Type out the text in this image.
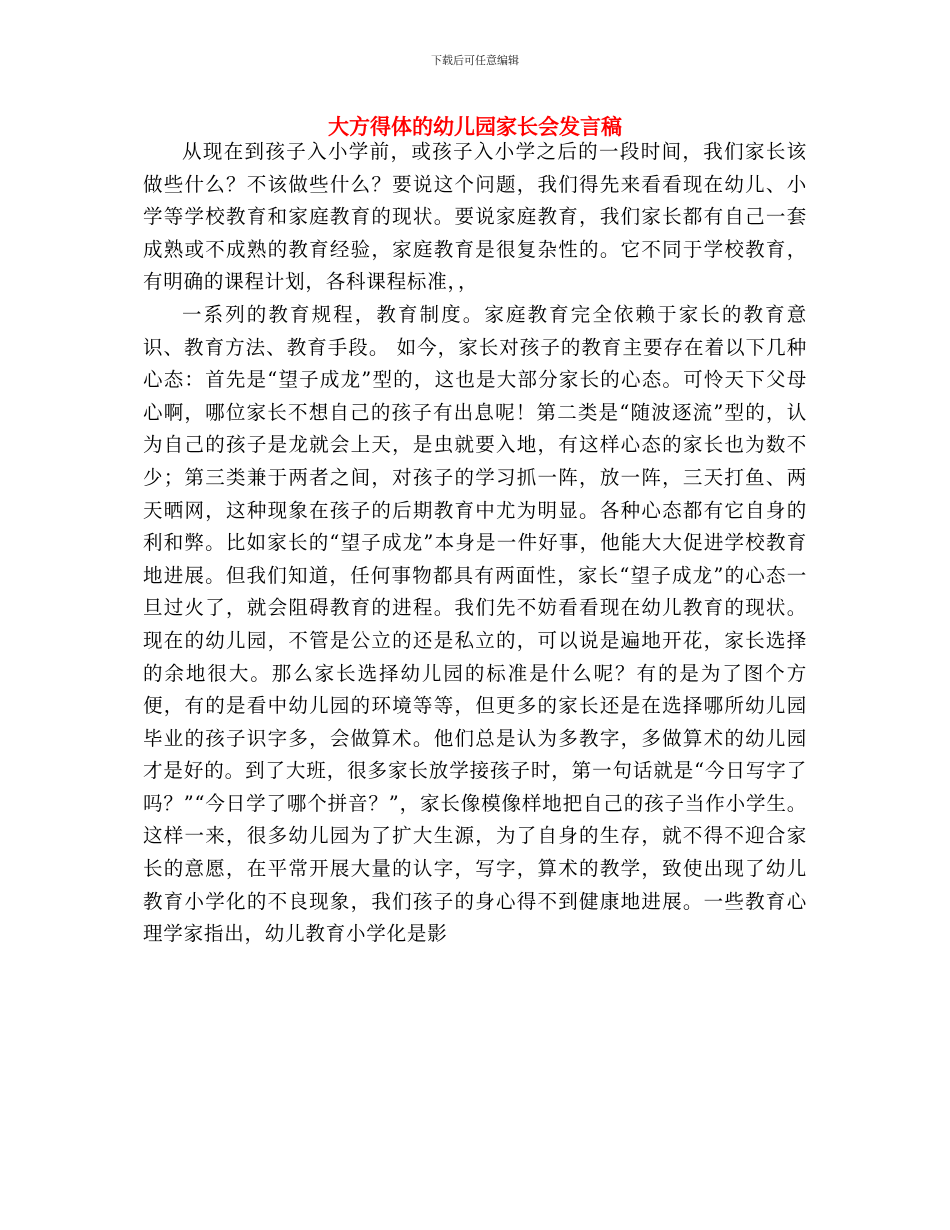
下载后可任意编辑
大方得体的幼儿园家长会发言稿

从现在到孩子入小学前，或孩子入小学之后的一段时间，我们家长该做些什么？不该做些什么？要说这个问题，我们得先来看看现在幼儿、小学等学校教育和家庭教育的现状。要说家庭教育，我们家长都有自己一套成熟或不成熟的教育经验，家庭教育是很复杂性的。它不同于学校教育，有明确的课程计划，各科课程标准，，

一系列的教育规程，教育制度。家庭教育完全依赖于家长的教育意识、教育方法、教育手段。 如今，家长对孩子的教育主要存在着以下几种心态：首先是“望子成龙”型的，这也是大部分家长的心态。可怜天下父母心啊，哪位家长不想自己的孩子有出息呢！第二类是“随波逐流”型的，认为自己的孩子是龙就会上天，是虫就要入地，有这样心态的家长也为数不少；第三类兼于两者之间，对孩子的学习抓一阵，放一阵，三天打鱼、两天晒网，这种现象在孩子的后期教育中尤为明显。各种心态都有它自身的利和弊。比如家长的“望子成龙”本身是一件好事，他能大大促进学校教育地进展。但我们知道，任何事物都具有两面性，家长“望子成龙”的心态一旦过火了，就会阻碍教育的进程。我们先不妨看看现在幼儿教育的现状。现在的幼儿园，不管是公立的还是私立的，可以说是遍地开花，家长选择的余地很大。那么家长选择幼儿园的标准是什么呢？有的是为了图个方便，有的是看中幼儿园的环境等等，但更多的家长还是在选择哪所幼儿园毕业的孩子识字多，会做算术。他们总是认为多教字，多做算术的幼儿园才是好的。到了大班，很多家长放学接孩子时，第一句话就是“今日写字了吗？”“今日学了哪个拼音？”，家长像模像样地把自己的孩子当作小学生。这样一来，很多幼儿园为了扩大生源，为了自身的生存，就不得不迎合家长的意愿，在平常开展大量的认字，写字，算术的教学，致使出现了幼儿教育小学化的不良现象，我们孩子的身心得不到健康地进展。一些教育心理学家指出，幼儿教育小学化是影
